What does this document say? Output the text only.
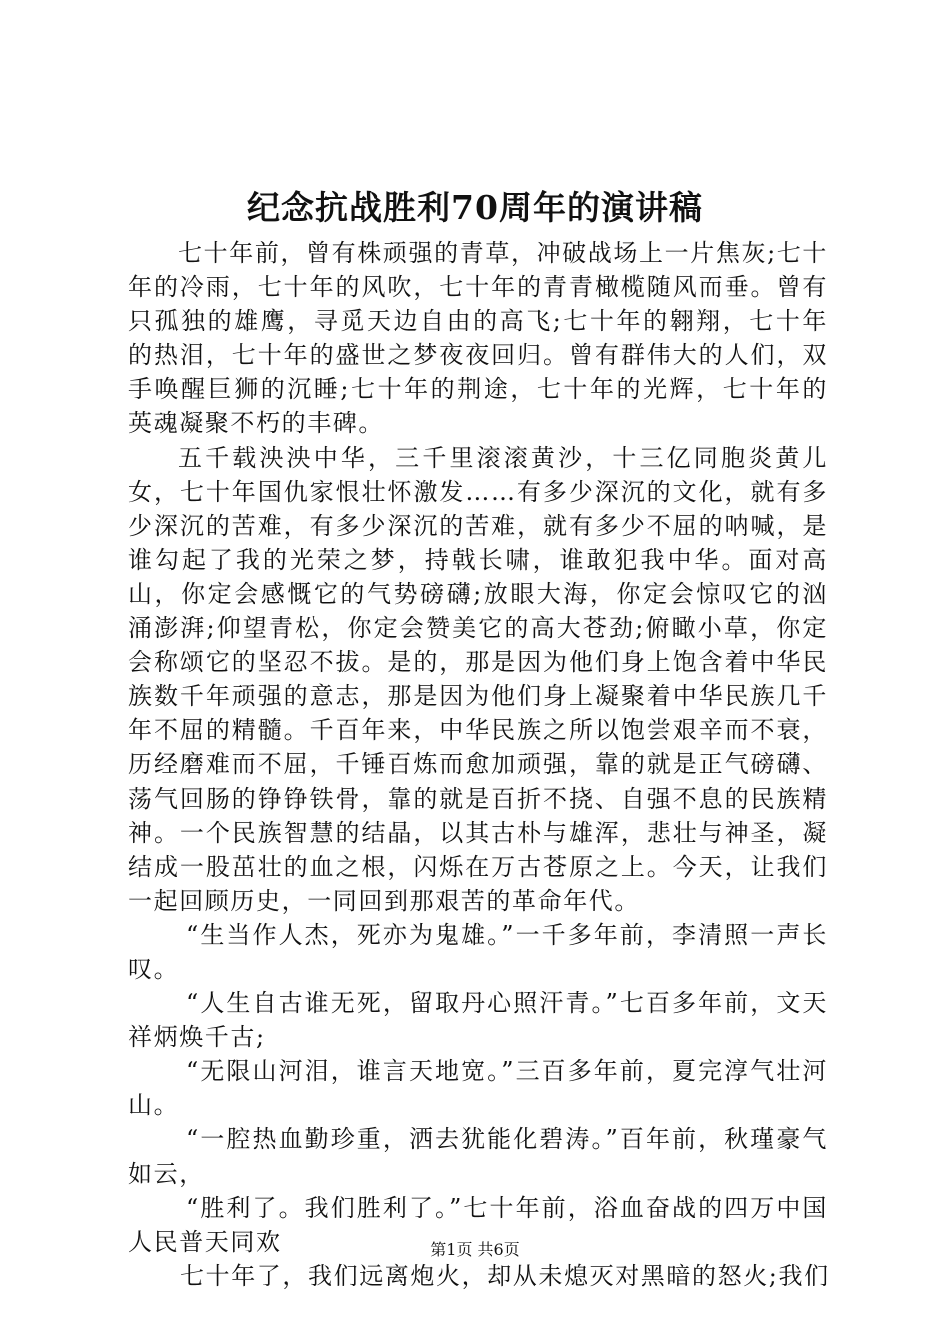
纪念抗战胜利70周年的演讲稿

七十年前，曾有株顽强的青草，冲破战场上一片焦灰;七十年的冷雨，七十年的风吹，七十年的青青橄榄随风而垂。曾有只孤独的雄鹰，寻觅天边自由的高飞;七十年的翱翔，七十年的热泪，七十年的盛世之梦夜夜回归。曾有群伟大的人们，双手唤醒巨狮的沉睡;七十年的荆途，七十年的光辉，七十年的英魂凝聚不朽的丰碑。

五千载泱泱中华，三千里滚滚黄沙，十三亿同胞炎黄儿女，七十年国仇家恨壮怀激发……有多少深沉的文化，就有多少深沉的苦难，有多少深沉的苦难，就有多少不屈的呐喊，是谁勾起了我的光荣之梦，持戟长啸，谁敢犯我中华。面对高山，你定会感慨它的气势磅礴;放眼大海，你定会惊叹它的汹涌澎湃;仰望青松，你定会赞美它的高大苍劲;俯瞰小草，你定会称颂它的坚忍不拔。是的，那是因为他们身上饱含着中华民族数千年顽强的意志，那是因为他们身上凝聚着中华民族几千年不屈的精髓。千百年来，中华民族之所以饱尝艰辛而不衰，历经磨难而不屈，千锤百炼而愈加顽强，靠的就是正气磅礴、荡气回肠的铮铮铁骨，靠的就是百折不挠、自强不息的民族精神。一个民族智慧的结晶，以其古朴与雄浑，悲壮与神圣，凝结成一股茁壮的血之根，闪烁在万古苍原之上。今天，让我们一起回顾历史，一同回到那艰苦的革命年代。

“生当作人杰，死亦为鬼雄。”一千多年前，李清照一声长叹。

“人生自古谁无死，留取丹心照汗青。”七百多年前，文天祥炳焕千古;

“无限山河泪，谁言天地宽。”三百多年前，夏完淳气壮河山。

“一腔热血勤珍重，洒去犹能化碧涛。”百年前，秋瑾豪气如云，

“胜利了。我们胜利了。”七十年前，浴血奋战的四万中国人民普天同欢

七十年了，我们远离炮火，却从未熄灭对黑暗的怒火;我们

第1页 共6页
